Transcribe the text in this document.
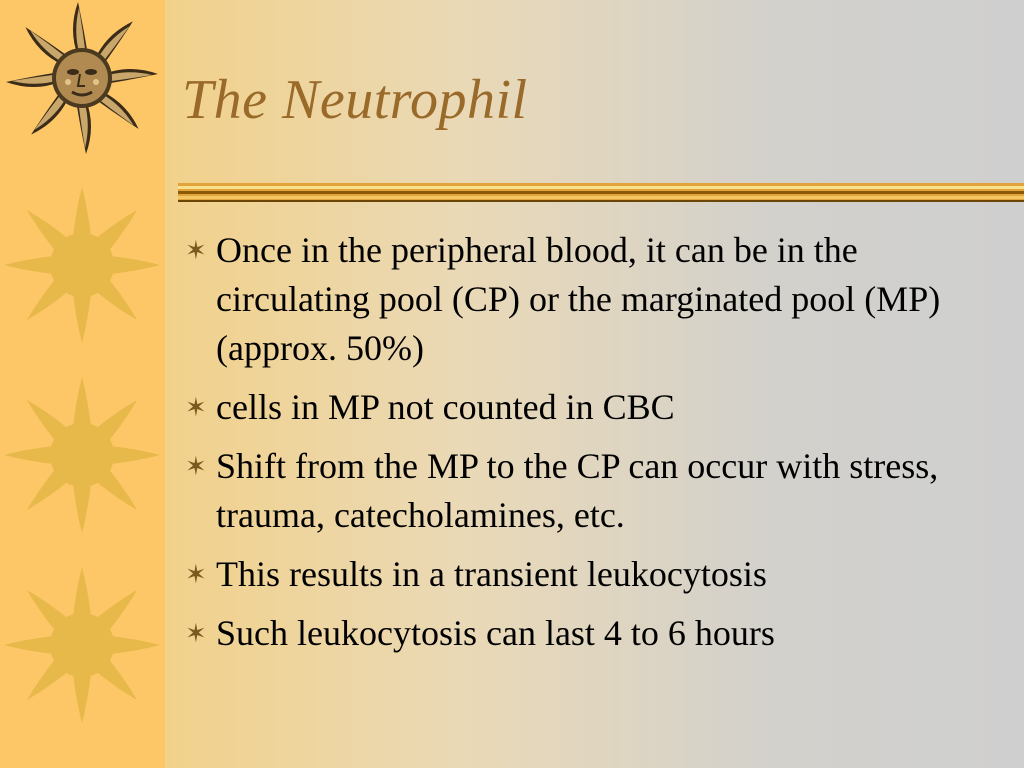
The Neutrophil
✶ Once in the peripheral blood, it can be in the circulating pool (CP) or the marginated pool (MP) (approx. 50%)
✶ cells in MP not counted in CBC
✶ Shift from the MP to the CP can occur with stress, trauma, catecholamines, etc.
✶ This results in a transient leukocytosis
✶ Such leukocytosis can last 4 to 6 hours
